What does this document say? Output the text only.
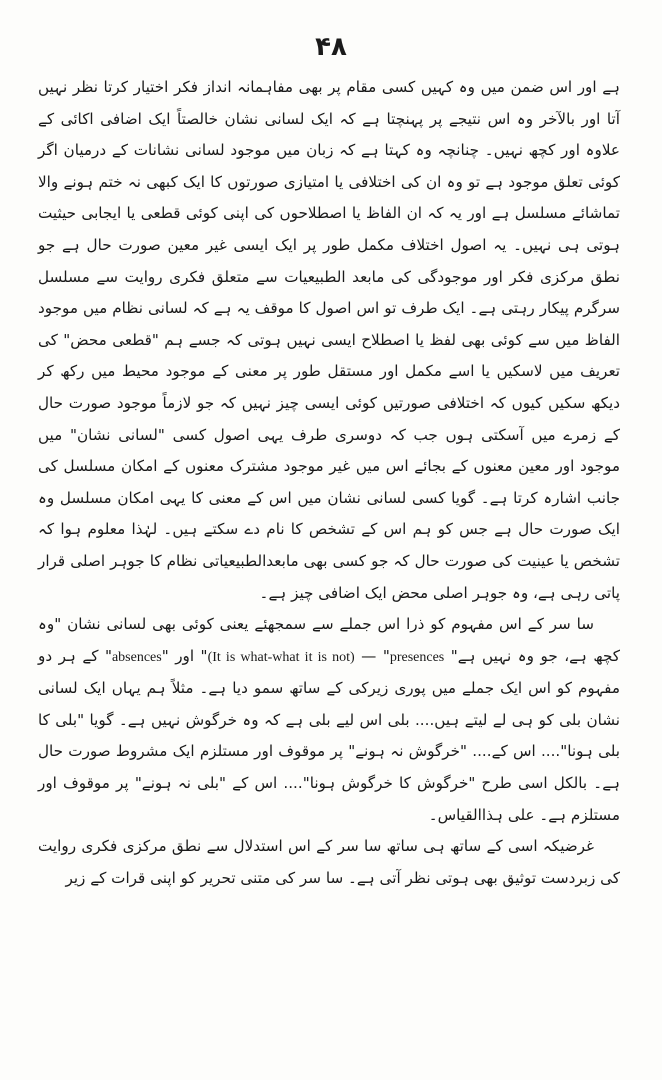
۴۸

ہے اور اس ضمن میں وہ کہیں کسی مقام پر بھی مفاہمانہ انداز فکر اختیار کرتا نظر نہیں آتا اور بالآخر وہ اس نتیجے پر پہنچتا ہے کہ ایک لسانی نشان خالصتاً ایک اضافی اکائی کے علاوہ اور کچھ نہیں۔ چنانچہ وہ کہتا ہے کہ زبان میں موجود لسانی نشانات کے درمیان اگر کوئی تعلق موجود ہے تو وہ ان کی اختلافی یا امتیازی صورتوں کا ایک کبھی نہ ختم ہونے والا تماشائے مسلسل ہے اور یہ کہ ان الفاظ یا اصطلاحوں کی اپنی کوئی قطعی یا ایجابی حیثیت ہوتی ہی نہیں۔ یہ اصول اختلاف مکمل طور پر ایک ایسی غیر معین صورت حال ہے جو نطق مرکزی فکر اور موجودگی کی مابعد الطبیعیات سے متعلق فکری روایت سے مسلسل سرگرم پیکار رہتی ہے۔ ایک طرف تو اس اصول کا موقف یہ ہے کہ لسانی نظام میں موجود الفاظ میں سے کوئی بھی لفظ یا اصطلاح ایسی نہیں ہوتی کہ جسے ہم "قطعی محض" کی تعریف میں لاسکیں یا اسے مکمل اور مستقل طور پر معنی کے موجود محیط میں رکھ کر دیکھ سکیں کیوں کہ اختلافی صورتیں کوئی ایسی چیز نہیں کہ جو لازماً موجود صورت حال کے زمرے میں آسکتی ہوں جب کہ دوسری طرف یہی اصول کسی "لسانی نشان" میں موجود اور معین معنوں کے بجائے اس میں غیر موجود مشترک معنوں کے امکان مسلسل کی جانب اشارہ کرتا ہے۔ گویا کسی لسانی نشان میں اس کے معنی کا یہی امکان مسلسل وہ ایک صورت حال ہے جس کو ہم اس کے تشخص کا نام دے سکتے ہیں۔ لہٰذا معلوم ہوا کہ تشخص یا عینیت کی صورت حال کہ جو کسی بھی مابعدالطبیعیاتی نظام کا جوہر اصلی قرار پاتی رہی ہے، وہ جوہر اصلی محض ایک اضافی چیز ہے۔

سا سر کے اس مفہوم کو ذرا اس جملے سے سمجھئے یعنی کوئی بھی لسانی نشان "وہ کچھ ہے، جو وہ نہیں ہے" (It is what-what it is not) — "presences" اور "absences" کے ہر دو مفہوم کو اس ایک جملے میں پوری زیرکی کے ساتھ سمو دیا ہے۔ مثلاً ہم یہاں ایک لسانی نشان بلی کو ہی لے لیتے ہیں.... بلی اس لیے بلی ہے کہ وہ خرگوش نہیں ہے۔ گویا "بلی کا بلی ہونا".... اس کے.... "خرگوش نہ ہونے" پر موقوف اور مستلزم ایک مشروط صورت حال ہے۔ بالکل اسی طرح "خرگوش کا خرگوش ہونا".... اس کے "بلی نہ ہونے" پر موقوف اور مستلزم ہے۔ علی ہذاالقیاس۔

غرضیکہ اسی کے ساتھ ہی ساتھ سا سر کے اس استدلال سے نطق مرکزی فکری روایت کی زبردست توثیق بھی ہوتی نظر آتی ہے۔ سا سر کی متنی تحریر کو اپنی قرات کے زیر
